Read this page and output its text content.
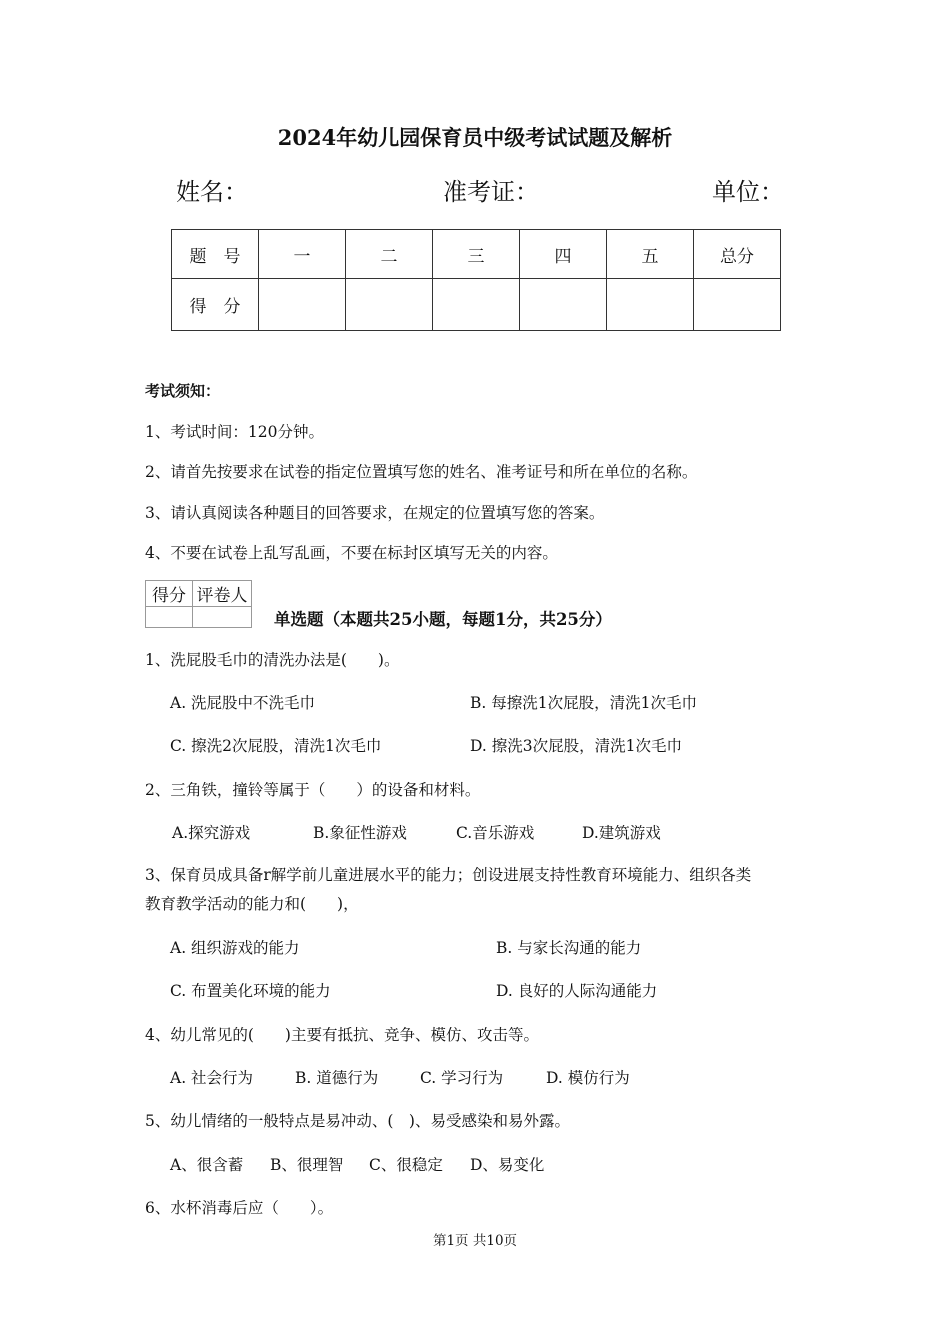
2024年幼儿园保育员中级考试试题及解析
姓名：	准考证：	单位：
题　号	一	二	三	四	五	总分
得　分						
考试须知：
1、考试时间：120分钟。
2、请首先按要求在试卷的指定位置填写您的姓名、准考证号和所在单位的名称。
3、请认真阅读各种题目的回答要求，在规定的位置填写您的答案。
4、不要在试卷上乱写乱画，不要在标封区填写无关的内容。
得分	评卷人

单选题（本题共25小题，每题1分，共25分）
1、洗屁股毛巾的清洗办法是(　　)。
A. 洗屁股中不洗毛巾	B. 每擦洗1次屁股，清洗1次毛巾
C. 擦洗2次屁股，清洗1次毛巾	D. 擦洗3次屁股，清洗1次毛巾
2、三角铁，撞铃等属于（　　）的设备和材料。
A.探究游戏	B.象征性游戏	C.音乐游戏	D.建筑游戏
3、保育员成具备r解学前儿童进展水平的能力；创设进展支持性教育环境能力、组织各类
教育教学活动的能力和(　　)，
A. 组织游戏的能力	B. 与家长沟通的能力
C. 布置美化环境的能力	D. 良好的人际沟通能力
4、幼儿常见的(　　)主要有抵抗、竞争、模仿、攻击等。
A. 社会行为	B. 道德行为	C. 学习行为	D. 模仿行为
5、幼儿情绪的一般特点是易冲动、(　)、易受感染和易外露。
A、很含蓄 B、很理智 C、很稳定 D、易变化
6、水杯消毒后应（　　）。
第1页 共10页
